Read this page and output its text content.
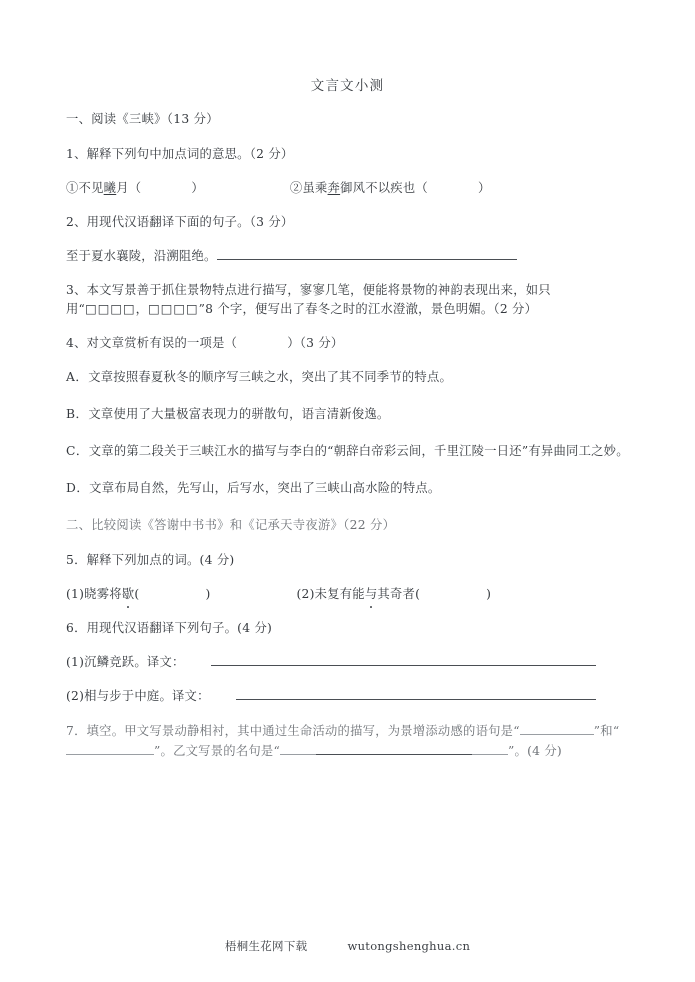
文言文小测
一、阅读《三峡》（13 分）
1、解释下列句中加点词的意思。（2 分）
①不见曦月（	）	②虽乘奔御风不以疾也（	）
2、用现代汉语翻译下面的句子。（3 分）
至于夏水襄陵，沿溯阻绝。
3、本文写景善于抓住景物特点进行描写，寥寥几笔，便能将景物的神韵表现出来，如只
用“□□□□，□□□□”8 个字，便写出了春冬之时的江水澄澈，景色明媚。（2 分）
4、对文章赏析有误的一项是（	）（3 分）
A．文章按照春夏秋冬的顺序写三峡之水，突出了其不同季节的特点。
B．文章使用了大量极富表现力的骈散句，语言清新俊逸。
C．文章的第二段关于三峡江水的描写与李白的“朝辞白帝彩云间，千里江陵一日还”有异曲同工之妙。
D．文章布局自然，先写山，后写水，突出了三峡山高水险的特点。
二、比较阅读《答谢中书书》和《记承天寺夜游》（22 分）
5．解释下列加点的词。(4 分)
(1)晓雾将歇(	)	(2)未复有能与其奇者(	)
6．用现代汉语翻译下列句子。(4 分)
(1)沉鳞竞跃。译文：
(2)相与步于中庭。译文：
7．填空。甲文写景动静相衬，其中通过生命活动的描写，为景增添动感的语句是“	”和“”。乙文写景的名句是“	”。(4 分)
梧桐生花网下载	wutongshenghua.cn
